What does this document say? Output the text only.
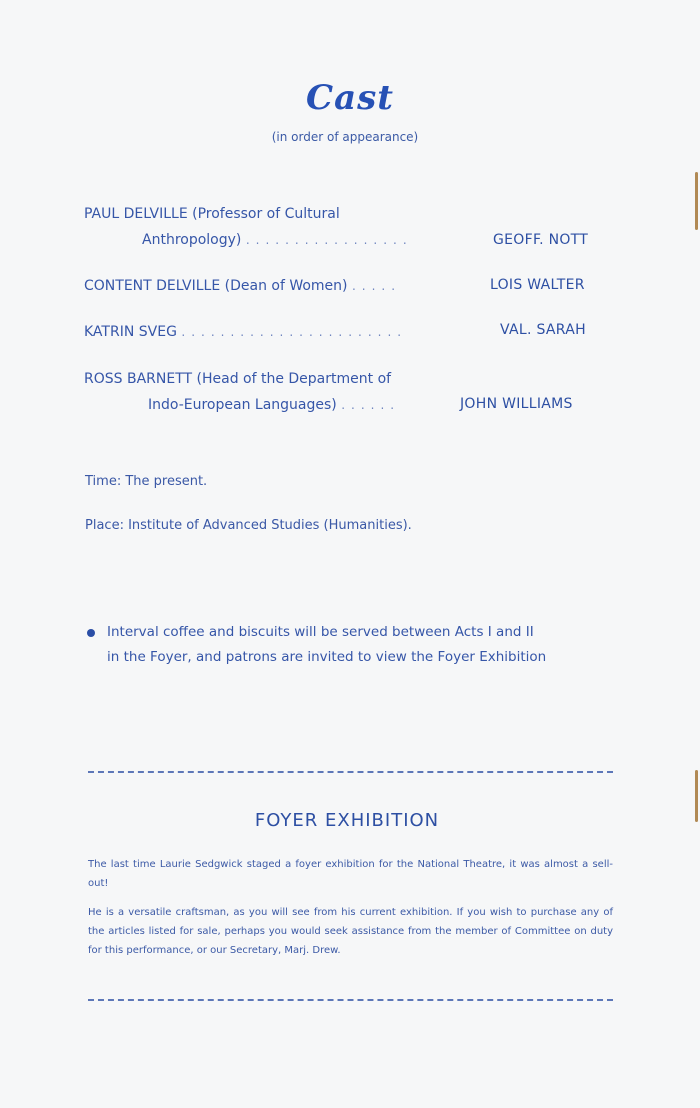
Cast
(in order of appearance)
PAUL DELVILLE (Professor of Cultural
Anthropology) .................	GEOFF. NOTT
CONTENT DELVILLE (Dean of Women) .....	LOIS WALTER
KATRIN SVEG .......................	VAL. SARAH
ROSS BARNETT (Head of the Department of
Indo-European Languages) ......	JOHN WILLIAMS
Time: The present.
Place: Institute of Advanced Studies (Humanities).
Interval coffee and biscuits will be served between Acts I and II
in the Foyer, and patrons are invited to view the Foyer Exhibition
FOYER EXHIBITION
The last time Laurie Sedgwick staged a foyer exhibition for the National Theatre, it was almost a sell-out!
He is a versatile craftsman, as you will see from his current exhibition. If you wish to purchase any of the articles listed for sale, perhaps you would seek assistance from the member of Committee on duty for this performance, or our Secretary, Marj. Drew.
